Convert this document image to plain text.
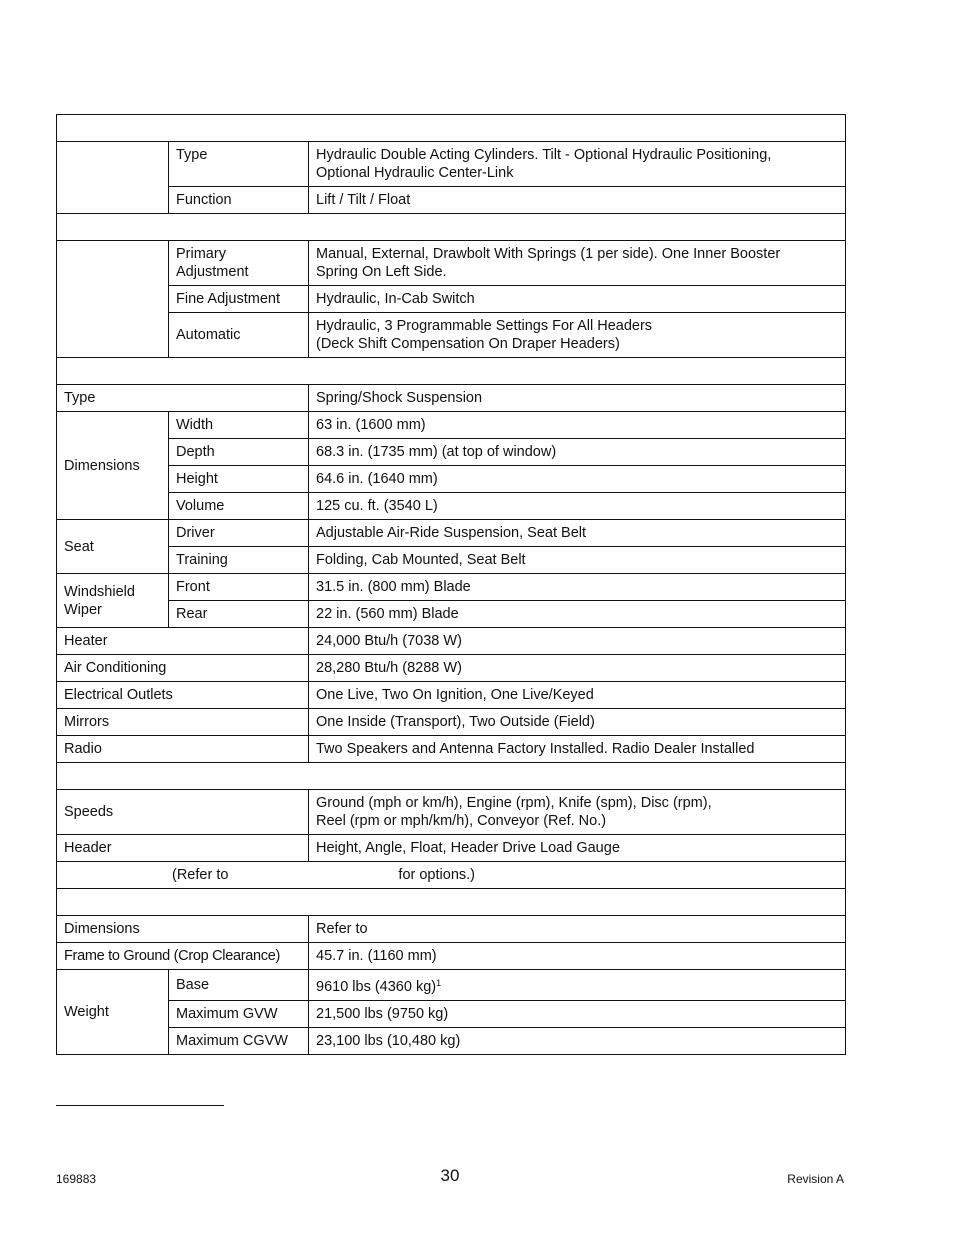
	Type	Hydraulic Double Acting Cylinders. Tilt - Optional Hydraulic Positioning,
Optional Hydraulic Center-Link
	Function	Lift / Tilt / Float

	Primary
Adjustment	Manual, External, Drawbolt With Springs (1 per side). One Inner Booster
Spring On Left Side.
	Fine Adjustment	Hydraulic, In-Cab Switch
	Automatic	Hydraulic, 3 Programmable Settings For All Headers
(Deck Shift Compensation On Draper Headers)

Type		Spring/Shock Suspension
Dimensions	Width	63 in. (1600 mm)
	Depth	68.3 in. (1735 mm) (at top of window)
	Height	64.6 in. (1640 mm)
	Volume	125 cu. ft. (3540 L)
Seat	Driver	Adjustable Air-Ride Suspension, Seat Belt
	Training	Folding, Cab Mounted, Seat Belt
Windshield
Wiper	Front	31.5 in. (800 mm) Blade
	Rear	22 in. (560 mm) Blade
Heater		24,000 Btu/h (7038 W)
Air Conditioning		28,280 Btu/h (8288 W)
Electrical Outlets		One Live, Two On Ignition, One Live/Keyed
Mirrors		One Inside (Transport), Two Outside (Field)
Radio		Two Speakers and Antenna Factory Installed. Radio Dealer Installed

Speeds		Ground (mph or km/h), Engine (rpm), Knife (spm), Disc (rpm),
Reel (rpm or mph/km/h), Conveyor (Ref. No.)
Header		Height, Angle, Float, Header Drive Load Gauge
(Refer to for options.)		

Dimensions		Refer to
Frame to Ground (Crop Clearance)		45.7 in. (1160 mm)
Weight	Base	9610 lbs (4360 kg)$^1$
	Maximum GVW	21,500 lbs (9750 kg)
	Maximum CGVW	23,100 lbs (10,480 kg)
169883	30	Revision A
